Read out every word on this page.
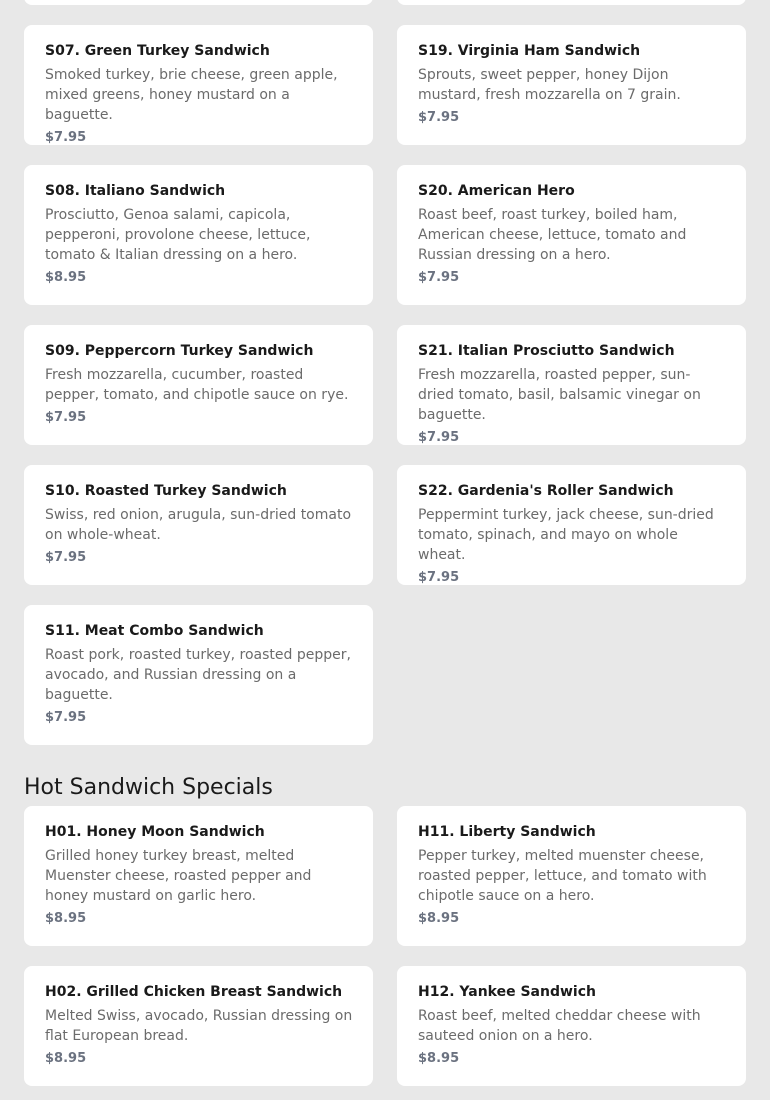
S07. Green Turkey Sandwich
Smoked turkey, brie cheese, green apple, mixed greens, honey mustard on a baguette.
$7.95
S19. Virginia Ham Sandwich
Sprouts, sweet pepper, honey Dijon mustard, fresh mozzarella on 7 grain.
$7.95
S08. Italiano Sandwich
Prosciutto, Genoa salami, capicola, pepperoni, provolone cheese, lettuce, tomato & Italian dressing on a hero.
$8.95
S20. American Hero
Roast beef, roast turkey, boiled ham, American cheese, lettuce, tomato and Russian dressing on a hero.
$7.95
S09. Peppercorn Turkey Sandwich
Fresh mozzarella, cucumber, roasted pepper, tomato, and chipotle sauce on rye.
$7.95
S21. Italian Prosciutto Sandwich
Fresh mozzarella, roasted pepper, sun-dried tomato, basil, balsamic vinegar on baguette.
$7.95
S10. Roasted Turkey Sandwich
Swiss, red onion, arugula, sun-dried tomato on whole-wheat.
$7.95
S22. Gardenia's Roller Sandwich
Peppermint turkey, jack cheese, sun-dried tomato, spinach, and mayo on whole wheat.
$7.95
S11. Meat Combo Sandwich
Roast pork, roasted turkey, roasted pepper, avocado, and Russian dressing on a baguette.
$7.95
Hot Sandwich Specials
H01. Honey Moon Sandwich
Grilled honey turkey breast, melted Muenster cheese, roasted pepper and honey mustard on garlic hero.
$8.95
H11. Liberty Sandwich
Pepper turkey, melted muenster cheese, roasted pepper, lettuce, and tomato with chipotle sauce on a hero.
$8.95
H02. Grilled Chicken Breast Sandwich
Melted Swiss, avocado, Russian dressing on flat European bread.
$8.95
H12. Yankee Sandwich
Roast beef, melted cheddar cheese with sauteed onion on a hero.
$8.95
